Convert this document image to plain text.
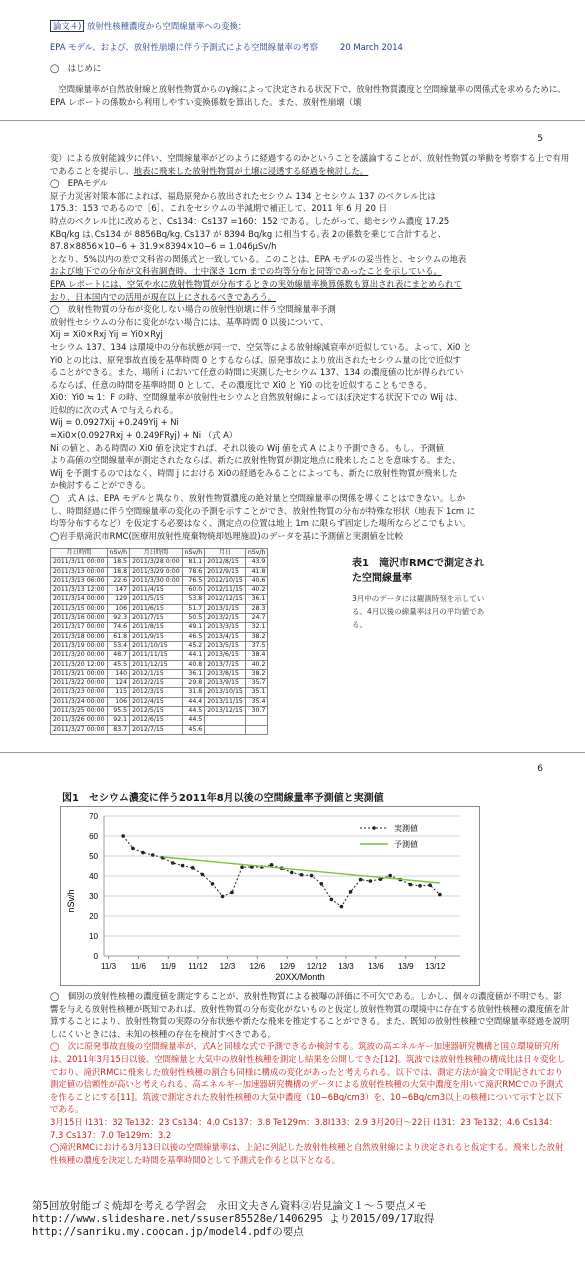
論文４) 放射性核種濃度から空間線量率への変換：

EPA モデル、および、放射性崩壊に伴う予測式による空間線量率の考察	20 March 2014

◯　はじめに

　空間線量率が自然放射線と放射性物質からのγ線によって決定される状況下で、放射性物質濃度と空間線量率の関係式を求めるために、EPA レポートの係数から利用しやすい変換係数を算出した。また、放射性崩壊（壊

5

変）による放射能減少に伴い、空間線量率がどのように経過するのかということを議論することが、放射性物質の挙動を考察する上で有用であることを提示し、地表に飛来した放射性物質が土壌に浸透する経過を検討した。

◯　EPAモデル

原子力災害対策本部によれば、福島原発から放出されたセシウム 134 とセシウム 137 のベクレル比は

175.3：153 であるので［6］、これをセシウムの半減期で補正して、2011 年 6 月 20 日

時点のベクレル比に改めると、Cs134：Cs137 =160：152 である。したがって、総セシウム濃度 17.25

KBq/kg は､Cs134 が 8856Bq/kg､Cs137 が 8394 Bq/kg に相当する｡表 2の係数を乗じて合計すると、

87.8×8856×10−6 + 31.9×8394×10−6 = 1.046μSv/h

となり、5%以内の差で文科省の関係式と一致している。このことは、EPA モデルの妥当性と、セシウムの地表

および地下での分布が文科省調査時、土中深さ 1cm までの均等分布と同等であったことを示している。

EPA レポートには、空気や水に放射性物質が分布するときの実効線量率換算係数も算出され表にまとめられて

おり、日本国内での活用が現在以上にされるべきであろう。

◯　放射性物質の分布が変化しない場合の放射性崩壊に伴う空間線量率予測

放射性セシウムの分布に変化がない場合には、基準時間 0 以後について、

Xij = Xi0×Rxj Yij = Yi0×Ryj

セシウム 137、134 は環境中の分布状態が同一で、空気等による放射線減衰率が近似している。よって、Xi0 と

Yi0 との比は、原発事故直後を基準時間 0 とするならば、原発事故により放出されたセシウム量の比で近似す

ることができる。また、場所 i において任意の時間に実測したセシウム 137、134 の濃度値の比が得られてい

るならば、任意の時間を基準時間 0 として、その濃度比で Xi0 と Yi0 の比を近似することもできる。

Xi0：Yi0 ≒ 1：F の時、空間線量率が放射性セシウムと自然放射線によってほぼ決定する状況下での Wij は、

近似的に次の式 A で与えられる。

Wij = 0.0927Xij +0.249Yij + Ni

=Xi0×(0.0927Rxj + 0.249FRyj) + Ni （式 A）

Ni の値と、ある時間の Xi0 値を決定すれば、それ以後の Wij 値を式 A により予測できる。もし、予測値

より高値の空間線量率が測定されたならば、新たに放射性物質が測定地点に飛来したことを意味する。また、

Wij を予測するのではなく、時間 j における Xi0の経過をみることによっても、新たに放射性物質が飛来した

か検討することができる。

◯　式 A は、EPA モデルと異なり、放射性物質濃度の絶対量と空間線量率の関係を導くことはできない。しか

し、時間経過に伴う空間線量率の変化の予測を示すことができ、放射性物質の分布が特殊な形状（地表下 1cm に

均等分布するなど）を仮定する必要はなく、測定点の位置は地上 1m に限らず固定した場所ならどこでもよい。

◯岩手県滝沢市RMC(医療用放射性廃棄物焼却処理施設)のデータを基に予測値と実測値を比較

月日時間	nSv/h	月日時間	nSv/h	月日	nSv/h
2011/3/11 00:00	18.5	2011/3/28 0:00	81.1	2012/8/15	43.9
2011/3/13 00:00	18.8	2011/3/29 0:00	78.6	2012/9/15	41.8
2011/3/13 06:00	22.6	2011/3/30 0:00	76.5	2012/10/15	40.6
2011/3/13 12:00	147	2011/4/15	60.0	2012/11/15	40.2
2011/3/14 00:00	129	2011/5/15	53.8	2012/12/15	36.1
2011/3/15 00:00	106	2011/6/15	51.7	2013/1/15	28.3
2011/3/16 00:00	92.3	2011/7/15	50.5	2013/2/15	24.7
2011/3/17 00:00	74.6	2011/8/15	49.1	2013/3/15	32.1
2011/3/18 00:00	61.8	2011/9/15	46.5	2013/4/15	38.2
2011/3/19 00:00	53.4	2011/10/15	45.2	2013/5/15	37.5
2011/3/20 00:00	48.7	2011/11/15	44.1	2013/6/15	38.4
2011/3/20 12:00	45.5	2011/12/15	40.8	2013/7/15	40.2
2011/3/21 00:00	140	2012/1/15	36.1	2013/8/15	38.2
2011/3/22 00:00	124	2012/2/15	29.8	2013/9/15	35.7
2011/3/23 00:00	115	2012/3/15	31.8	2013/10/15	35.1
2011/3/24 00:00	106	2012/4/15	44.4	2013/11/15	35.4
2011/3/25 00:00	95.5	2012/5/15	44.5	2013/12/15	30.7
2011/3/26 00:00	92.1	2012/6/15	44.5		
2011/3/27 00:00	83.7	2012/7/15	45.6		
表1　滝沢市RMCで測定された空間線量率
3月中のデータには観測時刻を示している。4月以後の線量率は月の平均値である。
6
図1　セシウム濃変に伴う2011年8月以後の空間線量率予測値と実測値
0
10
20
30
40
50
60
70
11/3 11/6 11/9 11/12 12/3 12/6 12/9 12/12 13/3 13/6 13/9 13/12
実測値
予測値
nSv/h
20XX/Month

◯　個別の放射性核種の濃度値を測定することが、放射性物質による被曝の評価に不可欠である。しかし、個々の濃度値が不明でも、影響を与える放射性核種が既知であれば、放射性物質の分布変化がないものと仮定し放射性物質の環境中に存在する放射性核種の濃度値を計算することにより、放射性物質の実際の分布状態や新たな飛来を推定することができる。また、既知の放射性核種で空間線量率経過を説明しにくいときには、未知の核種の存在を検討すべきである。

◯　次に原発事故直後の空間線量率が、式Aと同様な式で予測できるか検討する。筑波の高エネルギー加速器研究機構と国立環境研究所は、2011年3月15日以後、空間線量と大気中の放射性核種を測定し結果を公開してきた[12]。筑波では放射性核種の構成比は日々変化しており、滝沢RMCに飛来した放射性核種の割合も同様に構成の変化があったと考えられる。以下では、測定方法が論文で明記されており測定値の信頼性が高いと考えられる、高エネルギー加速器研究機構のデータによる放射性核種の大気中濃度を用いて滝沢RMCでの予測式を作ることにする[11]。筑波で測定された放射性核種の大気中濃度（10−6Bq/cm3）を、10−6Bq/cm3以上の核種について示すと以下である。

3月15日 I131：32 Te132：23 Cs134：4.0 Cs137：3.8 Te129m：3.8I133：2.9 3月20日〜22日 I131：23 Te132：4.6 Cs134：7.3 Cs137：7.0 Te129m：3.2

◯滝沢RMCにおける3月13日以後の空間線量率は、上記に列記した放射性核種と自然放射線により決定されると仮定する。飛来した放射性核種の濃度を決定した時間を基準時間0として予測式を作ると以下となる。

第5回放射能ゴミ焼却を考える学習会　永田文夫さん資料②岩見論文１～５要点メモ
http://www.slideshare.net/ssuser85528e/1406295 より2015/09/17取得
http://sanriku.my.coocan.jp/model4.pdfの要点
